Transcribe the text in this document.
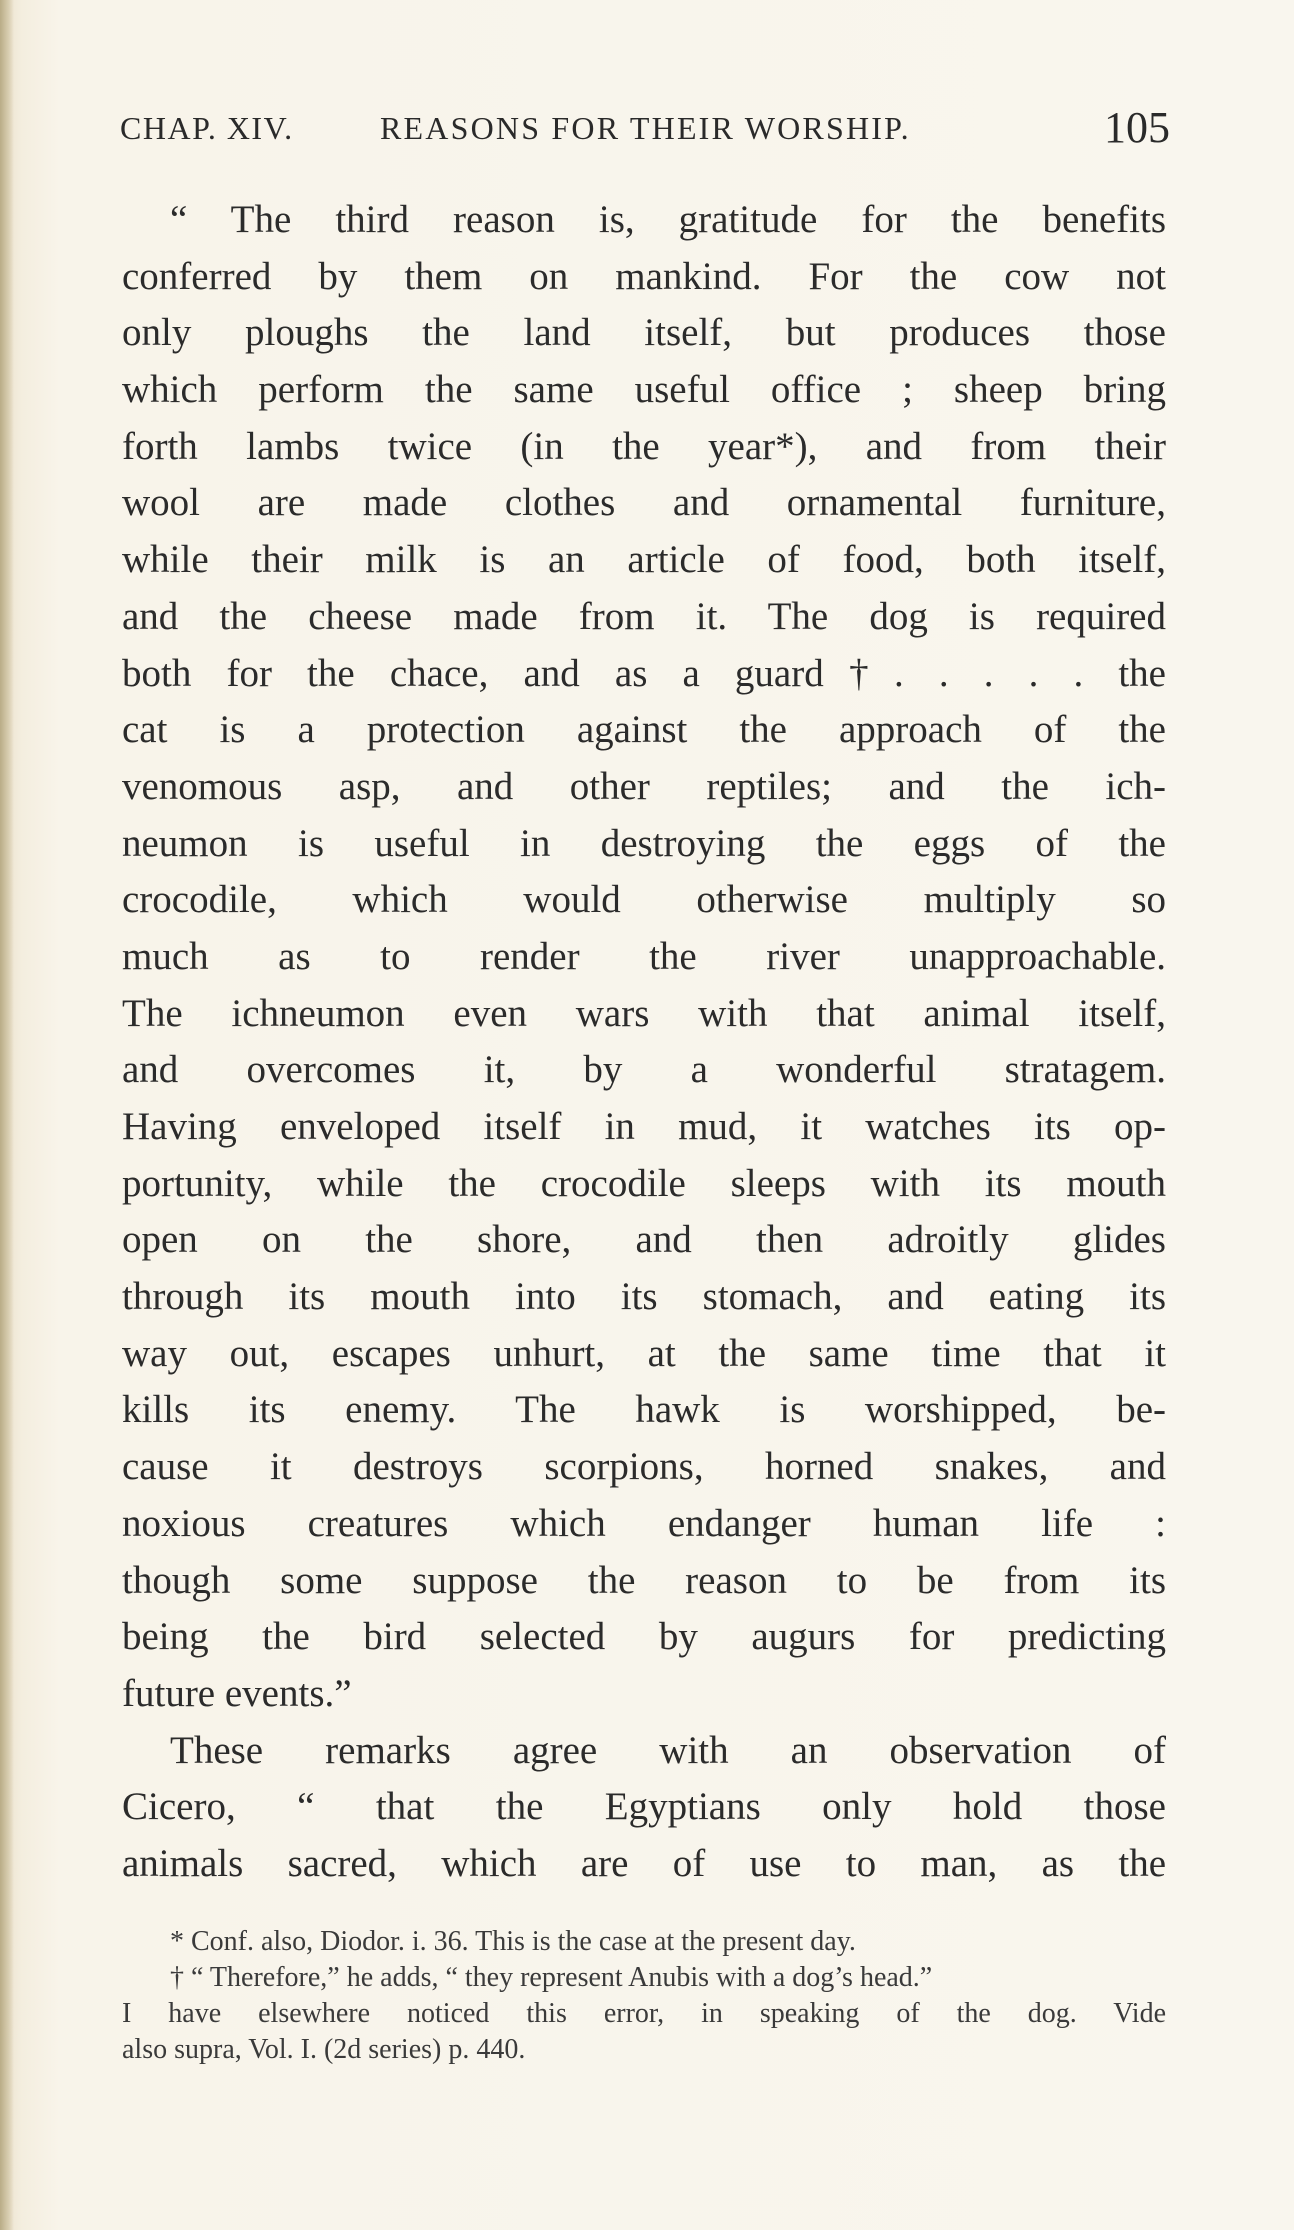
CHAP. XIV.	REASONS FOR THEIR WORSHIP.	105
“ The third reason is, gratitude for the benefits
conferred by them on mankind. For the cow not
only ploughs the land itself, but produces those
which perform the same useful office ; sheep bring
forth lambs twice (in the year*), and from their
wool are made clothes and ornamental furniture,
while their milk is an article of food, both itself,
and the cheese made from it. The dog is required
both for the chace, and as a guard†. . . . . the
cat is a protection against the approach of the
venomous asp, and other reptiles; and the ich-
neumon is useful in destroying the eggs of the
crocodile, which would otherwise multiply so
much as to render the river unapproachable.
The ichneumon even wars with that animal itself,
and overcomes it, by a wonderful stratagem.
Having enveloped itself in mud, it watches its op-
portunity, while the crocodile sleeps with its mouth
open on the shore, and then adroitly glides
through its mouth into its stomach, and eating its
way out, escapes unhurt, at the same time that it
kills its enemy. The hawk is worshipped, be-
cause it destroys scorpions, horned snakes, and
noxious creatures which endanger human life :
though some suppose the reason to be from its
being the bird selected by augurs for predicting
future events.”
These remarks agree with an observation of
Cicero, “ that the Egyptians only hold those
animals sacred, which are of use to man, as the
* Conf. also, Diodor. i. 36. This is the case at the present day.
† “ Therefore,” he adds, “ they represent Anubis with a dog’s head.”
I have elsewhere noticed this error, in speaking of the dog. Vide
also supra, Vol. I. (2d series) p. 440.
